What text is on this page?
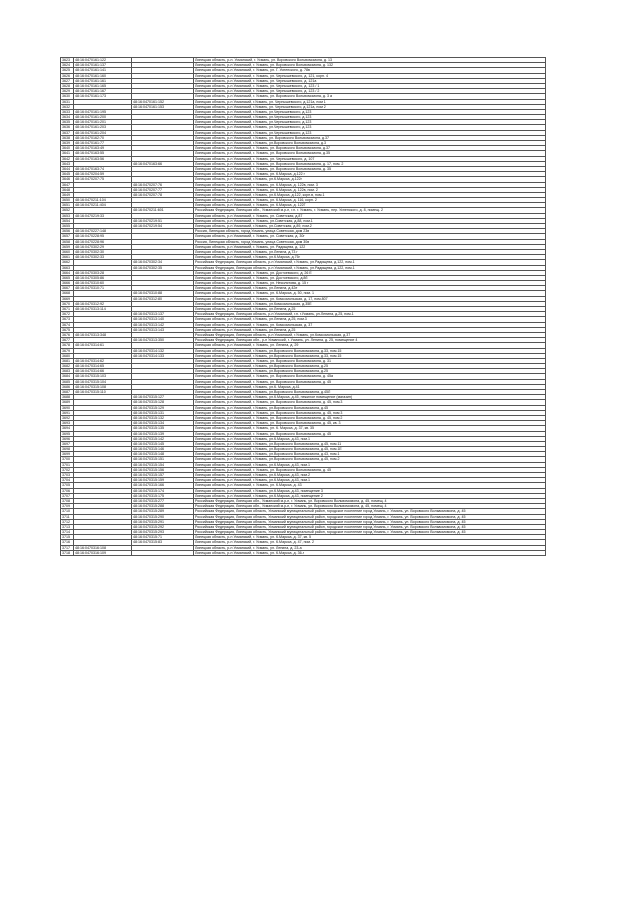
3623	48:16:0470161:122		Липецкая область, р-н. Усманский, г. Усмань, ул. Воровского Вольвомомона, д. 13
3624	48:16:0470161:137		Липецкая область, р-н Усманский, г. Усмань, ул. Воровского Вольвомомона, д. 132
3625	48:16:0470161:141		Липецкая область, р-н Усманский, г. Усмань, ул. Г. Успенского, д. 78в
3626	48:16:0470161:160		Липецкая область, р-н Усманский, г. Усмань, ул. Чернышевского, д. 121, корп. 4
3627	48:16:0470161:161		Липецкая область, р-н Усманский, г. Усмань, ул. Чернышевского, д. 121а
3628	48:16:0470161:165		Липецкая область, р-н Усманский, г. Усмань, ул. Чернышевского, д. 123 / 1
3629	48:16:0470161:167		Липецкая область, р-н Усманский, г. Усмань, ул. Чернышевского, д. 123 / 2
3630	48:16:0470161:173		Липецкая область, р-н Усманский, г. Усмань, ул. Воровского Вольвомомона, д. 3 а
3631		48:16:0470161:152	Липецкая область, р-н Усманский, г.Усмань, ул. Чернышевского, д.121а, пом 1
3632		48:16:0470161:153	Липецкая область, р-н Усманский, г.Усмань, ул. Чернышевского, д.121а, пом 2
3633	48:16:0470161:195		Липецкая область, р-н Усманский, г.Усмань, ул.Чернышевского, д.123
3634	48:16:0470161:200		Липецкая область, р-н Усманский, г.Усмань, ул.Чернышевского, д.123
3635	48:16:0470161:201		Липецкая область, р-н Усманский, г.Усмань, ул.Чернышевского, д.123
3636	48:16:0470161:203		Липецкая область, р-н Усманский, г.Усмань, ул.Чернышевского, д.123
3637	48:16:0470161:204		Липецкая область, р-н Усманский, г.Усмань, ул.Чернышевского, д.123
3638	48:16:0470162:70		Липецкая область, р-н Усманский, г.Усмань, ул. Воровского Вольвомомона, д.37
3639	48:16:0470161:77		Липецкая область, р-н Усманский, г.Усмань, ул.Воровского Вольвомомона, д.3
3640	48:16:0470163:49		Липецкая область, р-н Усманский, г. Усмань, ул. Воровского Вольвомомона, д.37
3641	48:16:0470163:55		Липецкая область, р-н Усманский, г. Усмань, ул. Воровского Вольвомомона, д.35
3642	48:16:0470163:56		Липецкая область, р-н Усманский, г. Усмань, ул. Чернышевского, д. 107
3643		48:16:0470163:66	Липецкая область, р-н Усманский, г. Усмань, ул. Воровского Вольвомомона, д. 17, пом. 2
3644	48:16:0470163:74		Липецкая область, р-н Усманский, г. Усмань, ул. Воровского Вольвомомона, д. 35
3645	48:16:0470204:59		Липецкая область, р-н Усманский, г. Усмань, ул. К.Маркса, д.122 г
3646	48:16:0470207:75		Липецкая область, р-н Усманский, г.Усмань, ул.К.Маркса, д.122г
3647		48:16:0470207:76	Липецкая область, р-н Усманский, г. Усмань, ул. К.Маркса, д. 122в, пом. 3
3648		48:16:0470207:77	Липецкая область, р-н Усманский, г. Усмань, ул. К.Маркса, д. 122в, пом. 2
3649		48:16:0470207:78	Липецкая область, р-н Усманский, г.Усмань, ул.К.Маркса, д.122, корп.в, пом.1
3650	48:16:0470211:104		Липецкая область, р-н Усманский, г. Усмань, ул. К.Маркса, д. 116, корп. 2
3651	48:16:0470211:404		Липецкая область, р-н Усманский, г. Усмань, ул. К.Маркса, д. 122Г
3652		48:16:0470211:601	Российская Федерация, Липецкая обл., Усманский м.р-н, г.п. г. Усмань, г. Усмань, пер. Успенского, д. 8, помещ. 2
3653	48:16:0470219:33		Липецкая область, р-н Усманский, г. Усмань, ул. Советская, д.87
3654		48:16:0470219:51	Липецкая область, р-н Усманский, г. Усмань, ул.Советская, д.88, пом.1
3655		48:16:0470219:54	Липецкая область, р-н Усманский, г.Усмань, ул.Советская, д.89, пом.2
3656	48:16:0470227:148		Россия, Липецкая область, город Усмань, улица Советская, дом 23в
3657	48:16:0470228:95		Липецкая область, р-н Усманский, г. Усмань, ул. Советская, д. 30г
3658	48:16:0470228:96		Россия, Липецкая область, город Усмань, улица Советская, дом 30в
3659	48:16:0470302:29		Липецкая область, р-н Усманский, г. Усмань, ул. Радищева, д. 122
3660	48:16:0470302:30		Липецкая область, р-н Усманский, г.Усмань, ул.Ленина, д.73 г
3661	48:16:0470302:33		Липецкая область, р-н Усманский, г.Усмань, ул.К.Маркса, д.75г
3662		48:16:0470302:34	Российская Федерация, Липецкая область, р-н Усманский, г.Усмань, ул.Радищева, д.122, пом.1
3663		48:16:0470302:35	Российская Федерация, Липецкая область, р-н Усманский, г.Усмань, ул.Радищева, д.122, пом.1
3664	48:16:0470303:28		Липецкая область, р-н Усманский, г. Усмань, ул. Достоевского, д. 26 Е
3665	48:16:0470305:86		Липецкая область, р-н Усманский, г. Усмань, ул. Достоевского, д.8б
3666	48:16:0470310:60		Липецкая область, р-н Усманский, г. Усмань, ул. Неяолятова, д. 15 г
3667	48:16:0470310:71		Липецкая область, р-н Усманский, г.Усмань, ул.Ленина, д.42е
3668		48:16:0470310:88	Липецкая область, р-н Усманский, г. Усмань, ул. К.Маркса, д. 50, пом. 1
3669		48:16:0470312:80	Липецкая область, р-н Усманский, г. Усмань, ул. Комсомольская, д. 17, пом.807
3670	48:16:0470312:92		Липецкая область, р-н Усманский, г.Усмань, ул.Комсомольская, д.35Е
3671	48:16:0470313:114		Липецкая область, р-н Усманский, г.Усмань, ул.Ленина, д.25
3672		48:16:0470313:137	Российская Федерация, Липецкая область, р-н Усманский, г.п. г.Усмань, ул.Ленина, д.25, пом.1
3673		48:16:0470313:140	Липецкая область, р-н Усманский, г.Усмань, ул.Ленина, д.25, пом.3
3674		48:16:0470313:142	Липецкая область, р-н Усманский, г. Усмань, ул. Комсомольская, д. 37
3675		48:16:0470313:143	Липецкая область, р-н Усманский, г.Усмань, ул.Ленина, д.25
3676	48:16:0470313:348		Российская Федерация, Липецкая область, р-н Усманский, г.Усмань, ул.Комсомольская, д.37
3677		48:16:0470313:350	Российская Федерация, Липецкая обл., р-н Усманский, г. Усмань, ул. Ленина, д. 25, помещение 4
3678	48:16:0470314:61		Липецкая область, р-н Усманский, г. Усмань, ул. Ленина, д. 29
3679		48:16:0470314:132	Липецкая область, р-н Усманский, г.Усмань, ул.Воровского Вольвомомона, д.33, пом.15
3680		48:16:0470314:133	Липецкая область, р-н Усманский, г.Усмань, ул.Воровского Вольвомомона, д.33, пом.15
3681	48:16:0470314:62		Липецкая область, р-н Усманский, г. Усмань, ул. Воровского Вольвомомона, д. 31
3682	48:16:0470314:65		Липецкая область, р-н Усманский, г.Усмань, ул.Воровского Вольвомомона, д.25
3683	48:16:0470314:66		Липецкая область, р-н Усманский, г.Усмань, ул.Воровского Вольвомомона, д.25
3684	48:16:0470315:103		Липецкая область, р-н Усманский, г. Усмань, ул. Воровского Вольвомомона, д. 45а
3685	48:16:0470315:104		Липецкая область, р-н Усманский, г. Усмань, ул. Воровского Вольвомомона, д. 45
3686	48:16:0470315:108		Липецкая область, р-н Усманский, г.Усмань, ул.К. Маркса, д.41
3687	48:16:0470315:110		Липецкая область, р-н Усманский, г.Усмань, ул.Воровского Вольвомомона, д.45Л
3688		48:16:0470315:127	Липецкая область, р-н Усманский, г.Усмань, ул.К.Маркса, д.45, нежилое помещение (магазин)
3689		48:16:0470315:128	Липецкая область, р-н Усманский, г. Усмань, ул. Воровского Вольвомомона, д. 45, пом.3
3690		48:16:0470315:129	Липецкая область, р-н Усманский, г.Усмань, ул.Воровского Вольвомомона, д.45
3691		48:16:0470315:131	Липецкая область, р-н Усманский, г. Усмань, ул. Воровского Вольвомомона, д. 45, пом 3
3692		48:16:0470315:132	Липецкая область, р-н Усманский, г. Усмань, ул. Воровского Вольвомомона, д. 45, пом 2
3693		48:16:0470315:134	Липецкая область, р-н Усманский, г. Усмань, ул. Воровского Вольвомомона, д. 45, кв. 3
3694		48:16:0470315:135	Липецкая область, р-н Усманский, г. Усмань, ул. К. Маркса, д. 37, кв. 35
3695		48:16:0470315:139	Липецкая область, р-н Усманский, г. Усмань, ул. Воровского Вольвомомона, д. 45
3696		48:16:0470315:142	Липецкая область, р-н Усманский, г.Усмань, ул.К.Маркса, д.43, пом.1
3697		48:16:0470315:145	Липецкая область, р-н Усманский, г.Усмань, ул.Воровского Вольвомомона, д.45, пом.11
3698		48:16:0470315:146	Липецкая область, р-н Усманский, г.Усмань, ул.Воровского Вольвомомона, д.45, пом.1Е
3699		48:16:0470315:148	Липецкая область, р-н Усманский, г.Усмань, ул.Воровского Вольвомомона, д.43, пом.1
3700		48:16:0470315:151	Липецкая область, р-н Усманский, г.Усмань, ул.Воровского Вольвомомона, д.45, пом.2
3701		48:16:0470315:154	Липецкая область, р-н Усманский, г.Усмань, ул.К.Маркса, д.43, пом.1
3702		48:16:0470315:156	Липецкая область, р-н Усманский, г. Усмань, ул. Воровского Вольвомомона, д. 45
3703		48:16:0470315:157	Липецкая область, р-н Усманский, г.Усмань, ул.К.Маркса, д.43, пом.2
3704		48:16:0470315:159	Липецкая область, р-н Усманский, г.Усмань, ул.К.Маркса, д.43, пом.1
3705		48:16:0470315:166	Липецкая область, р-н Усманский, г. Усмань, ул. К.Маркса, д. 43
3706		48:16:0470315:174	Липецкая область, р-н Усманский, г.Усмань, ул.К.Маркса, д.43, помещение 3
3707		48:16:0470315:175	Липецкая область, р-н Усманский, г.Усмань, ул.К.Маркса, д.43, помещение 2
3708		48:16:0470315:277	Российская Федерация, Липецкая обл., Усманский м.р-н, г. Усмань, ул. Воровского Вольвомомона, д. 45, помещ. 4
3709		48:16:0470315:288	Российская Федерация, Липецкая обл., Усманский м.р-н, г. Усмань, ул. Воровского Вольвомомона, д. 45, помещ. 4
3710		48:16:0470315:289	Российская Федерация, Липецкая область, Усманский муниципальный район, городское поселение город Усмань, г. Усмань, ул. Воровского Вольвомомона, д. 45
3711		48:16:0470315:290	Российская Федерация, Липецкая область, Усманский муниципальный район, городское поселение город Усмань, г. Усмань, ул. Воровского Вольвомомона, д. 45
3712		48:16:0470315:291	Российская Федерация, Липецкая область, Усманский муниципальный район, городское поселение город Усмань, г. Усмань, ул. Воровского Вольвомомона, д. 45
3713		48:16:0470315:292	Российская Федерация, Липецкая область, Усманский муниципальный район, городское поселение город Усмань, г. Усмань, ул. Воровского Вольвомомона, д. 45
3714		48:16:0470315:293	Российская Федерация, Липецкая область, Усманский муниципальный район, городское поселение город Усмань, г. Усмань, ул. Воровского Вольвомомона, д. 45
3715		48:16:0470315:71	Липецкая область, р-н Усманский, г. Усмань, ул. К.Маркса, д. 37, кв. 5
3716		48:16:0470315:83	Липецкая область, р-н Усманский, г. Усмань, ул. К.Маркса, д. 47, пом. 2
3717	48:16:0470316:108		Липецкая область, р-н Усманский, г. Усмань, ул. Ленина, д. 23-а
3718	48:16:0470316:109		Липецкая область, р-н Усманский, г. Усмань, ул. К.Маркса, д. 36-г
